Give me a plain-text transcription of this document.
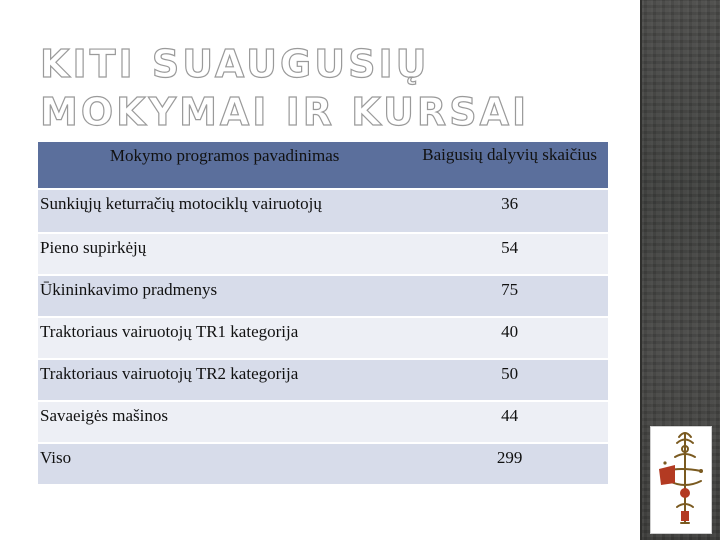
KITI SUAUGUSIŲ MOKYMAI IR KURSAI
Mokymo programos pavadinimas	Baigusių dalyvių skaičius
Sunkiųjų keturračių motociklų vairuotojų	36
Pieno supirkėjų	54
Ūkininkavimo pradmenys	75
Traktoriaus vairuotojų TR1 kategorija	40
Traktoriaus vairuotojų TR2 kategorija	50
Savaeigės mašinos	44
Viso	299
